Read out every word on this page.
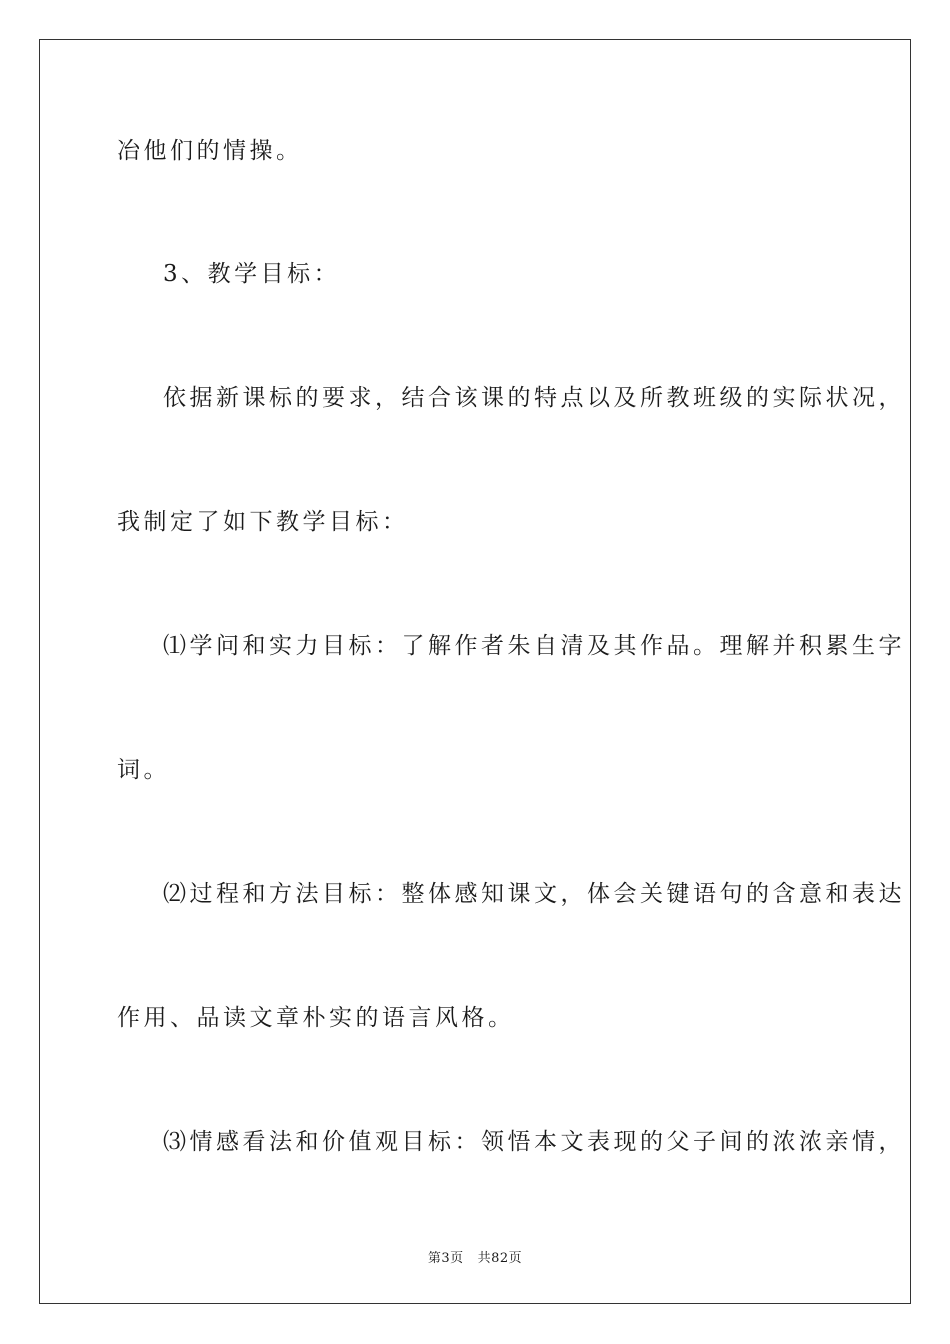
冶他们的情操。
3、教学目标：
依据新课标的要求，结合该课的特点以及所教班级的实际状况，
我制定了如下教学目标：
⑴学问和实力目标：了解作者朱自清及其作品。理解并积累生字
词。
⑵过程和方法目标：整体感知课文，体会关键语句的含意和表达
作用、品读文章朴实的语言风格。
⑶情感看法和价值观目标：领悟本文表现的父子间的浓浓亲情，
第3页 共82页
